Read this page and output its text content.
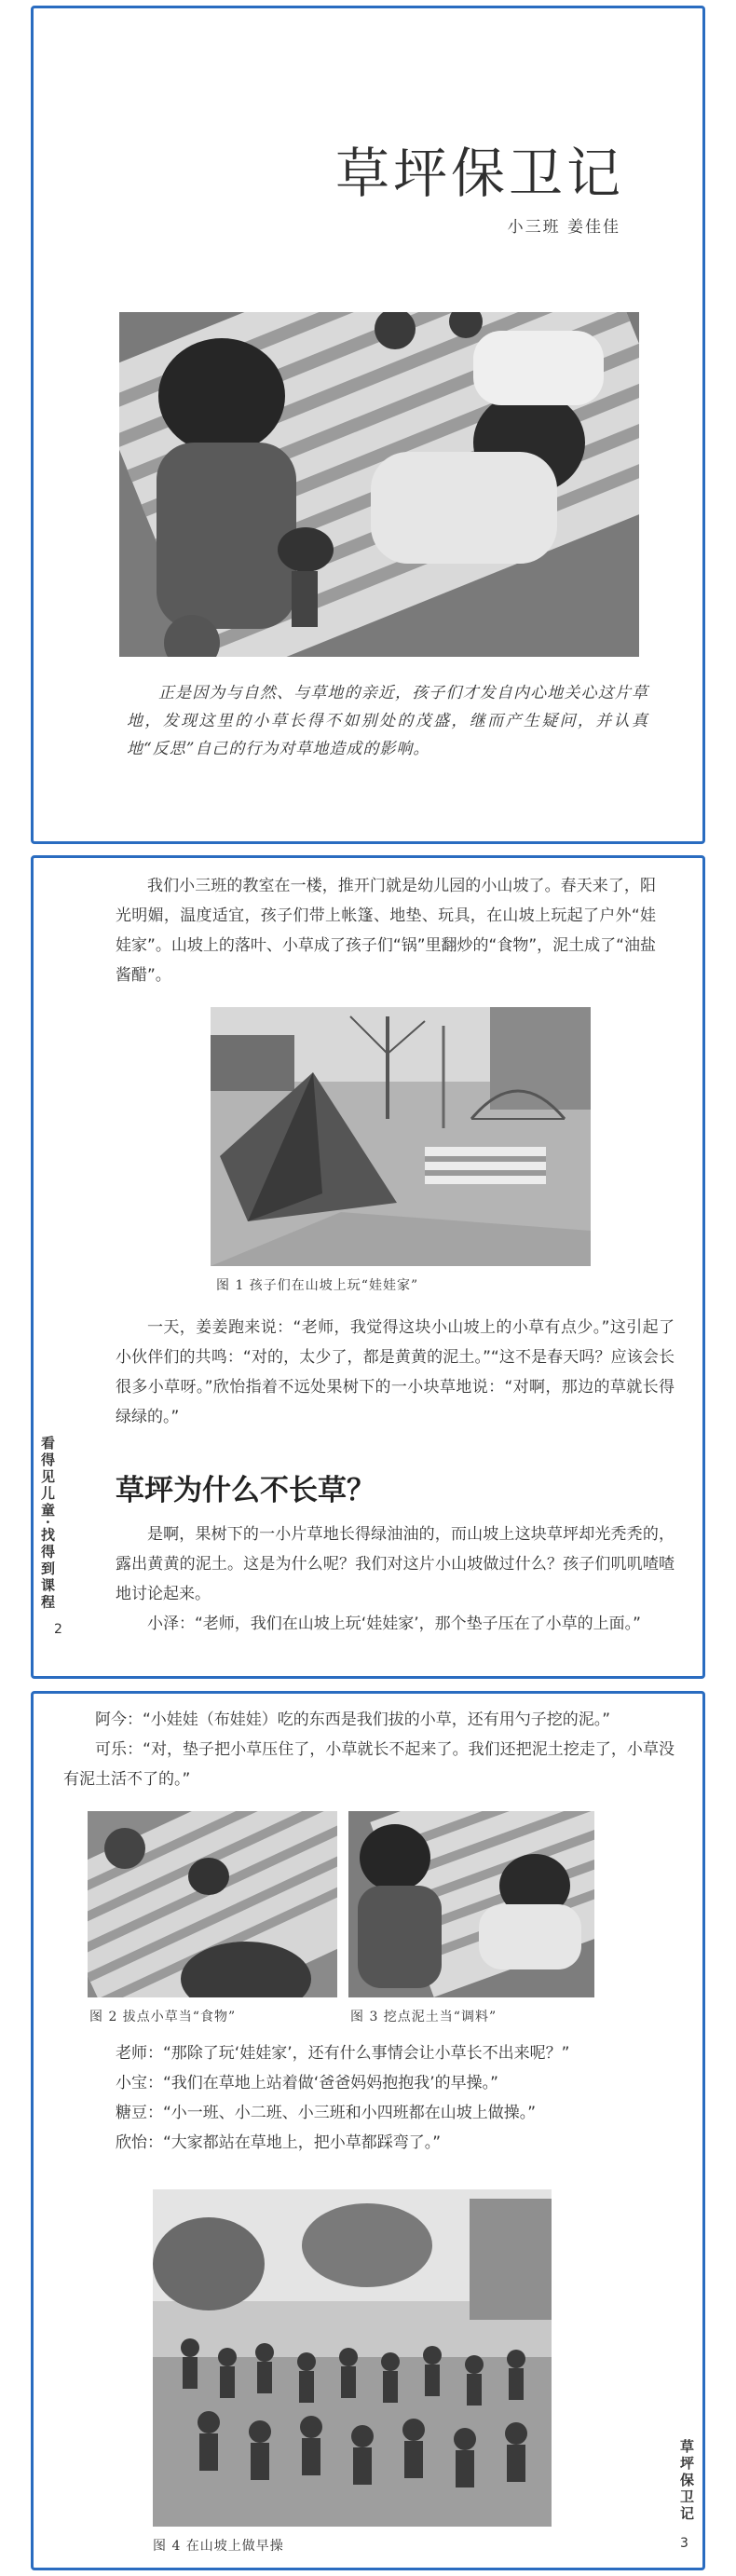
草坪保卫记
小三班 姜佳佳

正是因为与自然、与草地的亲近，孩子们才发自内心地关心这片草地，发现这里的小草长得不如别处的茂盛，继而产生疑问，并认真地“反思”自己的行为对草地造成的影响。

我们小三班的教室在一楼，推开门就是幼儿园的小山坡了。春天来了，阳光明媚，温度适宜，孩子们带上帐篷、地垫、玩具，在山坡上玩起了户外“娃娃家”。山坡上的落叶、小草成了孩子们“锅”里翻炒的“食物”，泥土成了“油盐酱醋”。

图 1 孩子们在山坡上玩“娃娃家”

一天，姜姜跑来说：“老师，我觉得这块小山坡上的小草有点少。”这引起了小伙伴们的共鸣：“对的，太少了，都是黄黄的泥土。”“这不是春天吗？应该会长很多小草呀。”欣怡指着不远处果树下的一小块草地说：“对啊，那边的草就长得绿绿的。”

草坪为什么不长草？

是啊，果树下的一小片草地长得绿油油的，而山坡上这块草坪却光秃秃的，露出黄黄的泥土。这是为什么呢？我们对这片小山坡做过什么？孩子们叽叽喳喳地讨论起来。

小泽：“老师，我们在山坡上玩‘娃娃家’，那个垫子压在了小草的上面。”

看得见儿童·找得到课程
2

阿今：“小娃娃（布娃娃）吃的东西是我们拔的小草，还有用勺子挖的泥。”

可乐：“对，垫子把小草压住了，小草就长不起来了。我们还把泥土挖走了，小草没有泥土活不了的。”

图 2 拔点小草当“食物”	图 3 挖点泥土当“调料”

老师：“那除了玩‘娃娃家’，还有什么事情会让小草长不出来呢？”

小宝：“我们在草地上站着做‘爸爸妈妈抱抱我’的早操。”

糖豆：“小一班、小二班、小三班和小四班都在山坡上做操。”

欣怡：“大家都站在草地上，把小草都踩弯了。”

图 4 在山坡上做早操
草坪保卫记
3
